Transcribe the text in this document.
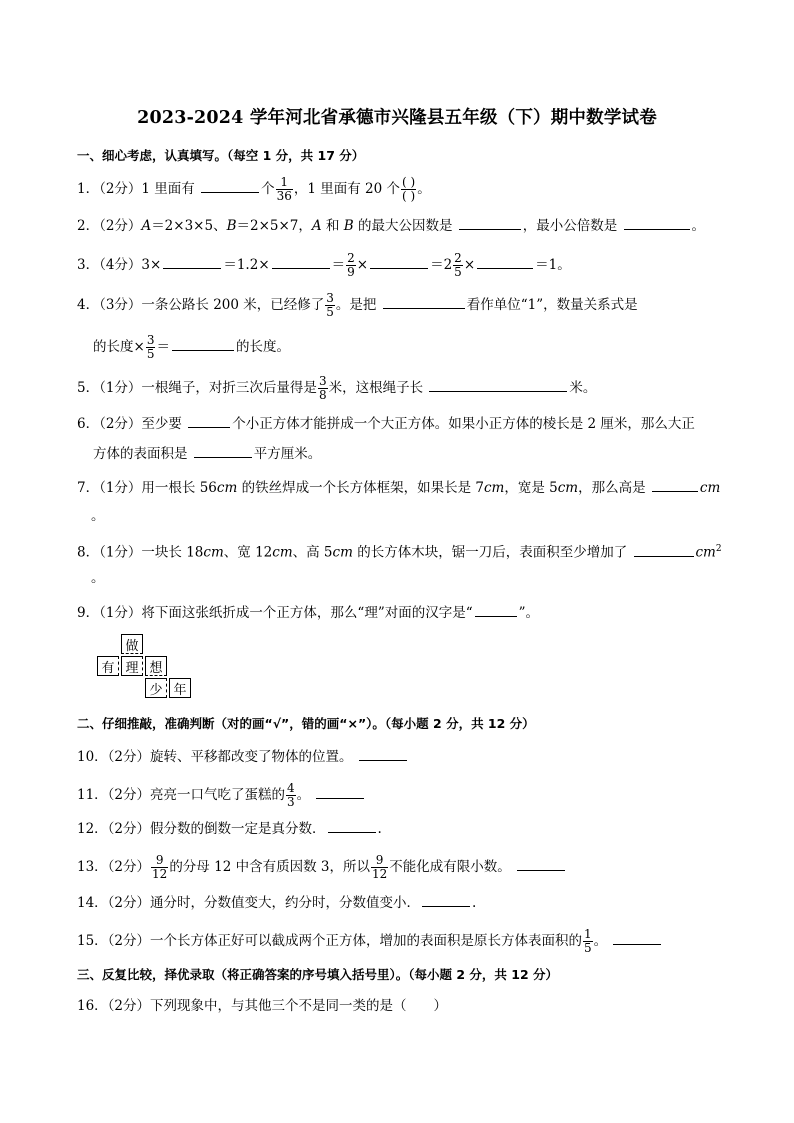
2023-2024 学年河北省承德市兴隆县五年级（下）期中数学试卷
一、细心考虑，认真填写。（每空 1 分，共 17 分）
1．（2分）1 里面有	个 $\frac{1}{36}$ ，1 里面有 20 个 $\frac{( )}{( )}$ 。
2．（2分）A＝2×3×5、B＝2×5×7，A 和 B 的最大公因数是	，最小公倍数是	。
3．（4分）3×	＝1.2×	＝ $\frac{2}{9}$ ×	$=2 \frac{2}{5}$ ×	＝1。
4．（3分）一条公路长 200 米，已经修了 $\frac{3}{5}$ 。是把	看作单位“1”，数量关系式是
的长度× $\frac{3}{5}$ ＝	的长度。
5．（1分）一根绳子，对折三次后量得是 $\frac{3}{8}$ 米，这根绳子长	米。
6．（2分）至少要	个小正方体才能拼成一个大正方体。如果小正方体的棱长是 2 厘米，那么大正
方体的表面积是	平方厘米。
7．（1分）用一根长 56cm 的铁丝焊成一个长方体框架，如果长是 7cm，宽是 5cm，那么高是	cm
。
8．（1分）一块长 18cm、宽 12cm、高 5cm 的长方体木块，锯一刀后，表面积至少增加了	$cm^2$
。
9．（1分）将下面这张纸折成一个正方体，那么“理”对面的汉字是“	”。
做
有 理 想
少 年
二、仔细推敲，准确判断（对的画“√”，错的画“×”）。（每小题 2 分，共 12 分）
10．（2分）旋转、平移都改变了物体的位置。
11．（2分）亮亮一口气吃了蛋糕的 $\frac{4}{3}$ 。
12．（2分）假分数的倒数一定是真分数．	.
13．（2分） $\frac{9}{12}$ 的分母 12 中含有质因数 3，所以 $\frac{9}{12}$ 不能化成有限小数。
14．（2分）通分时，分数值变大，约分时，分数值变小．	.
15．（2分）一个长方体正好可以截成两个正方体，增加的表面积是原长方体表面积的 $\frac{1}{5}$ 。
三、反复比较，择优录取（将正确答案的序号填入括号里）。（每小题 2 分，共 12 分）
16．（2分）下列现象中，与其他三个不是同一类的是（　　）
